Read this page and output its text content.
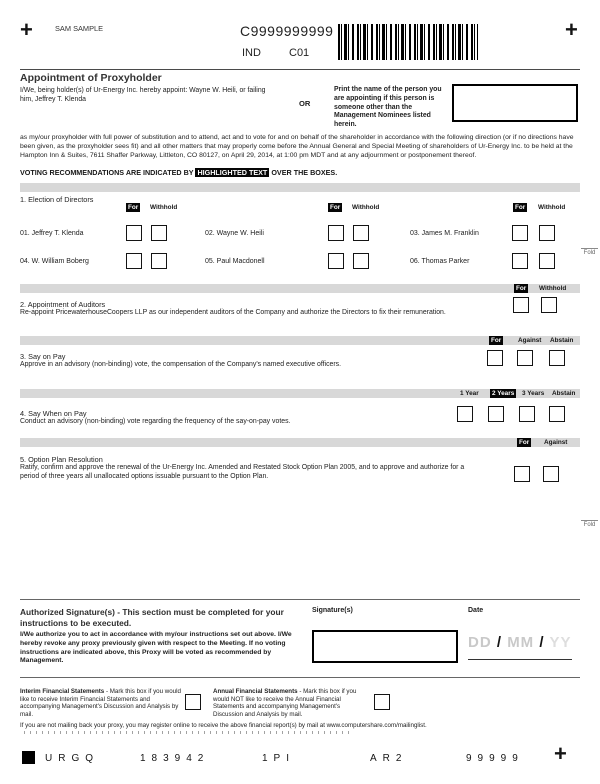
+	SAM SAMPLE	C9999999999
IND	C01
+
Appointment of Proxyholder
I/We, being holder(s) of Ur-Energy Inc. hereby appoint: Wayne W. Heili, or failing him, Jeffrey T. Klenda	OR
Print the name of the person you are appointing if this person is someone other than the Management Nominees listed herein.
as my/our proxyholder with full power of substitution and to attend, act and to vote for and on behalf of the shareholder in accordance with the following direction (or if no directions have been given, as the proxyholder sees fit) and all other matters that may properly come before the Annual General and Special Meeting of shareholders of Ur-Energy Inc. to be held at the Hampton Inn & Suites, 7611 Shaffer Parkway, Littleton, CO 80127, on April 29, 2014, at 1:00 pm MDT and at any adjournment or postponement thereof.
VOTING RECOMMENDATIONS ARE INDICATED BY HIGHLIGHTED TEXT OVER THE BOXES.
1. Election of Directors
For	Withhold	For	Withhold	For	Withhold
01. Jeffrey T. Klenda	02. Wayne W. Heili	03. James M. Franklin
04. W. William Boberg	05. Paul Macdonell	06. Thomas Parker
Fold
For	Withhold
2. Appointment of Auditors
Re-appoint PricewaterhouseCoopers LLP as our independent auditors of the Company and authorize the Directors to fix their remuneration.
For	Against Abstain
3. Say on Pay
Approve in an advisory (non-binding) vote, the compensation of the Company's named executive officers.
1 Year	2 Years	3 Years Abstain
4. Say When on Pay
Conduct an advisory (non-binding) vote regarding the frequency of the say-on-pay votes.
For	Against
5. Option Plan Resolution
Ratify, confirm and approve the renewal of the Ur-Energy Inc. Amended and Restated Stock Option Plan 2005, and to approve and authorize for a period of three years all unallocated options issuable pursuant to the Option Plan.
Fold
Authorized Signature(s) - This section must be completed for your instructions to be executed.
I/We authorize you to act in accordance with my/our instructions set out above. I/We hereby revoke any proxy previously given with respect to the Meeting. If no voting instructions are indicated above, this Proxy will be voted as recommended by Management.
Signature(s)	Date
DD / MM / YY
Interim Financial Statements - Mark this box if you would like to receive Interim Financial Statements and accompanying Management's Discussion and Analysis by mail.
Annual Financial Statements - Mark this box if you would NOT like to receive the Annual Financial Statements and accompanying Management's Discussion and Analysis by mail.
If you are not mailing back your proxy, you may register online to receive the above financial report(s) by mail at www.computershare.com/mailinglist.
URGQ	183942	1PI	AR2	99999 +
